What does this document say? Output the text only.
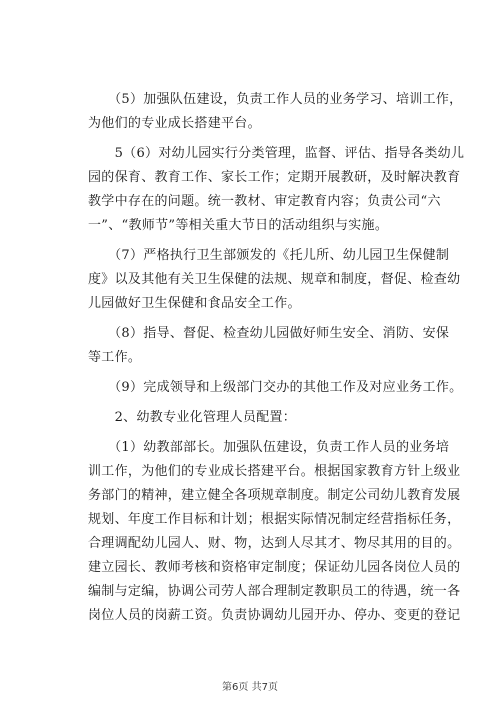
　　（5）加强队伍建设，负责工作人员的业务学习、培训工作，
为他们的专业成长搭建平台。

　　5（6）对幼儿园实行分类管理，监督、评估、指导各类幼儿
园的保育、教育工作、家长工作；定期开展教研，及时解决教育
教学中存在的问题。统一教材、审定教育内容；负责公司“六
一”、“教师节”等相关重大节日的活动组织与实施。

　　（7）严格执行卫生部颁发的《托儿所、幼儿园卫生保健制
度》以及其他有关卫生保健的法规、规章和制度，督促、检查幼
儿园做好卫生保健和食品安全工作。

　　（8）指导、督促、检查幼儿园做好师生安全、消防、安保
等工作。

　　（9）完成领导和上级部门交办的其他工作及对应业务工作。

　　2、幼教专业化管理人员配置：

　　（1）幼教部部长。加强队伍建设，负责工作人员的业务培
训工作，为他们的专业成长搭建平台。根据国家教育方针上级业
务部门的精神，建立健全各项规章制度。制定公司幼儿教育发展
规划、年度工作目标和计划；根据实际情况制定经营指标任务，
合理调配幼儿园人、财、物，达到人尽其才、物尽其用的目的。
建立园长、教师考核和资格审定制度；保证幼儿园各岗位人员的
编制与定编，协调公司劳人部合理制定教职员工的待遇，统一各
岗位人员的岗薪工资。负责协调幼儿园开办、停办、变更的登记

第6页 共7页
